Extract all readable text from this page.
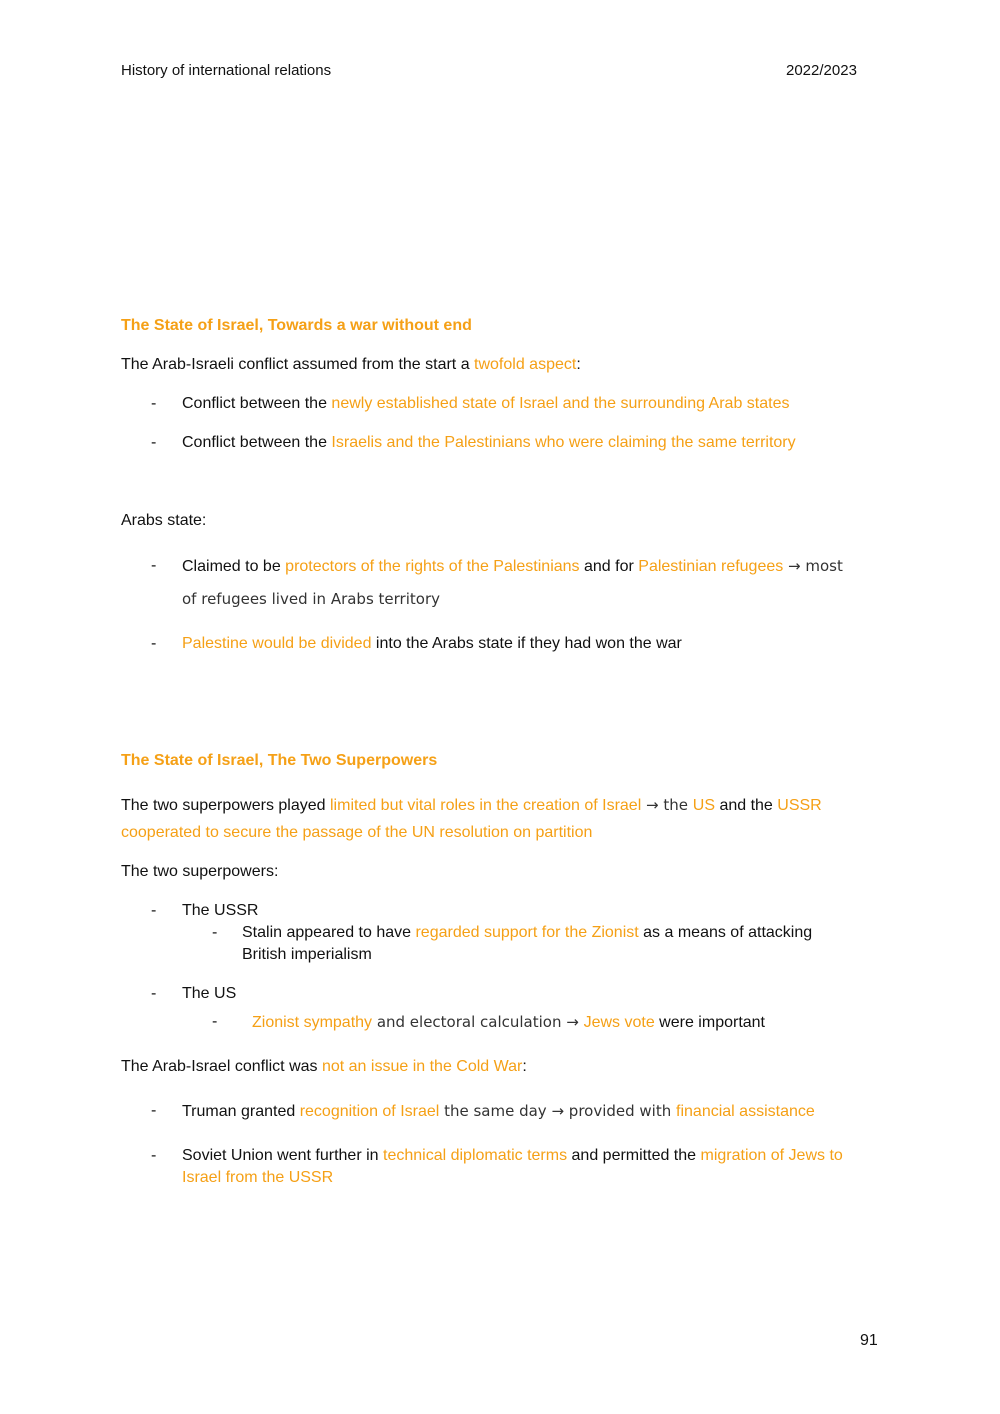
History of international relations	2022/2023
The State of Israel, Towards a war without end
The Arab-Israeli conflict assumed from the start a twofold aspect:
- Conflict between the newly established state of Israel and the surrounding Arab states
- Conflict between the Israelis and the Palestinians who were claiming the same territory
Arabs state:
- Claimed to be protectors of the rights of the Palestinians and for Palestinian refugees → most
of refugees lived in Arabs territory
- Palestine would be divided into the Arabs state if they had won the war
The State of Israel, The Two Superpowers
The two superpowers played limited but vital roles in the creation of Israel → the US and the USSR
cooperated to secure the passage of the UN resolution on partition
The two superpowers:
- The USSR
- Stalin appeared to have regarded support for the Zionist as a means of attacking
British imperialism
- The US
- Zionist sympathy and electoral calculation → Jews vote were important
The Arab-Israel conflict was not an issue in the Cold War:
- Truman granted recognition of Israel the same day → provided with financial assistance
- Soviet Union went further in technical diplomatic terms and permitted the migration of Jews to
Israel from the USSR
91
